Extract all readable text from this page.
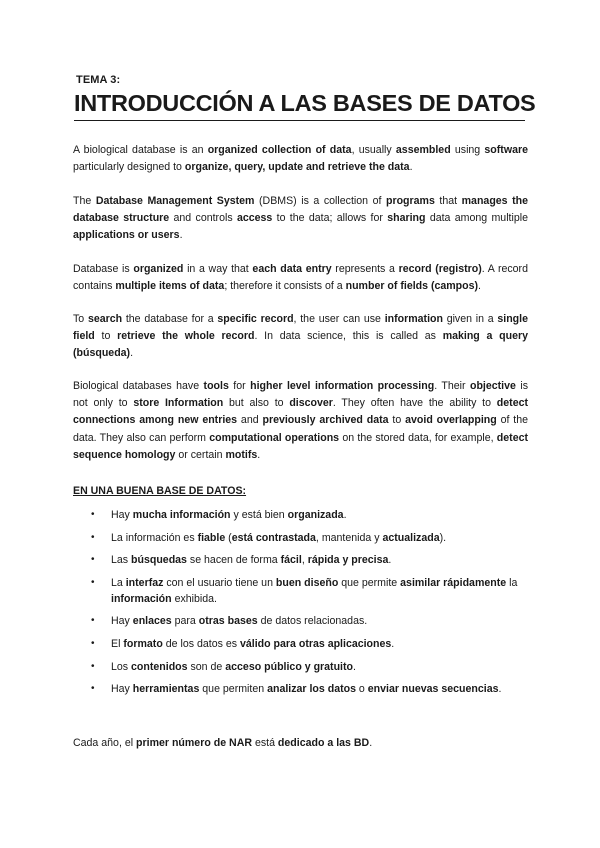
TEMA 3:
INTRODUCCIÓN A LAS BASES DE DATOS

A biological database is an organized collection of data, usually assembled using software particularly designed to organize, query, update and retrieve the data.

The Database Management System (DBMS) is a collection of programs that manages the database structure and controls access to the data; allows for sharing data among multiple applications or users.

Database is organized in a way that each data entry represents a record (registro). A record contains multiple items of data; therefore it consists of a number of fields (campos).

To search the database for a specific record, the user can use information given in a single field to retrieve the whole record. In data science, this is called as making a query (búsqueda).

Biological databases have tools for higher level information processing. Their objective is not only to store Information but also to discover. They often have the ability to detect connections among new entries and previously archived data to avoid overlapping of the data. They also can perform computational operations on the stored data, for example, detect sequence homology or certain motifs.

EN UNA BUENA BASE DE DATOS:
• Hay mucha información y está bien organizada.
• La información es fiable (está contrastada, mantenida y actualizada).
• Las búsquedas se hacen de forma fácil, rápida y precisa.
• La interfaz con el usuario tiene un buen diseño que permite asimilar rápidamente la información exhibida.
• Hay enlaces para otras bases de datos relacionadas.
• El formato de los datos es válido para otras aplicaciones.
• Los contenidos son de acceso público y gratuito.
• Hay herramientas que permiten analizar los datos o enviar nuevas secuencias.

Cada año, el primer número de NAR está dedicado a las BD.
